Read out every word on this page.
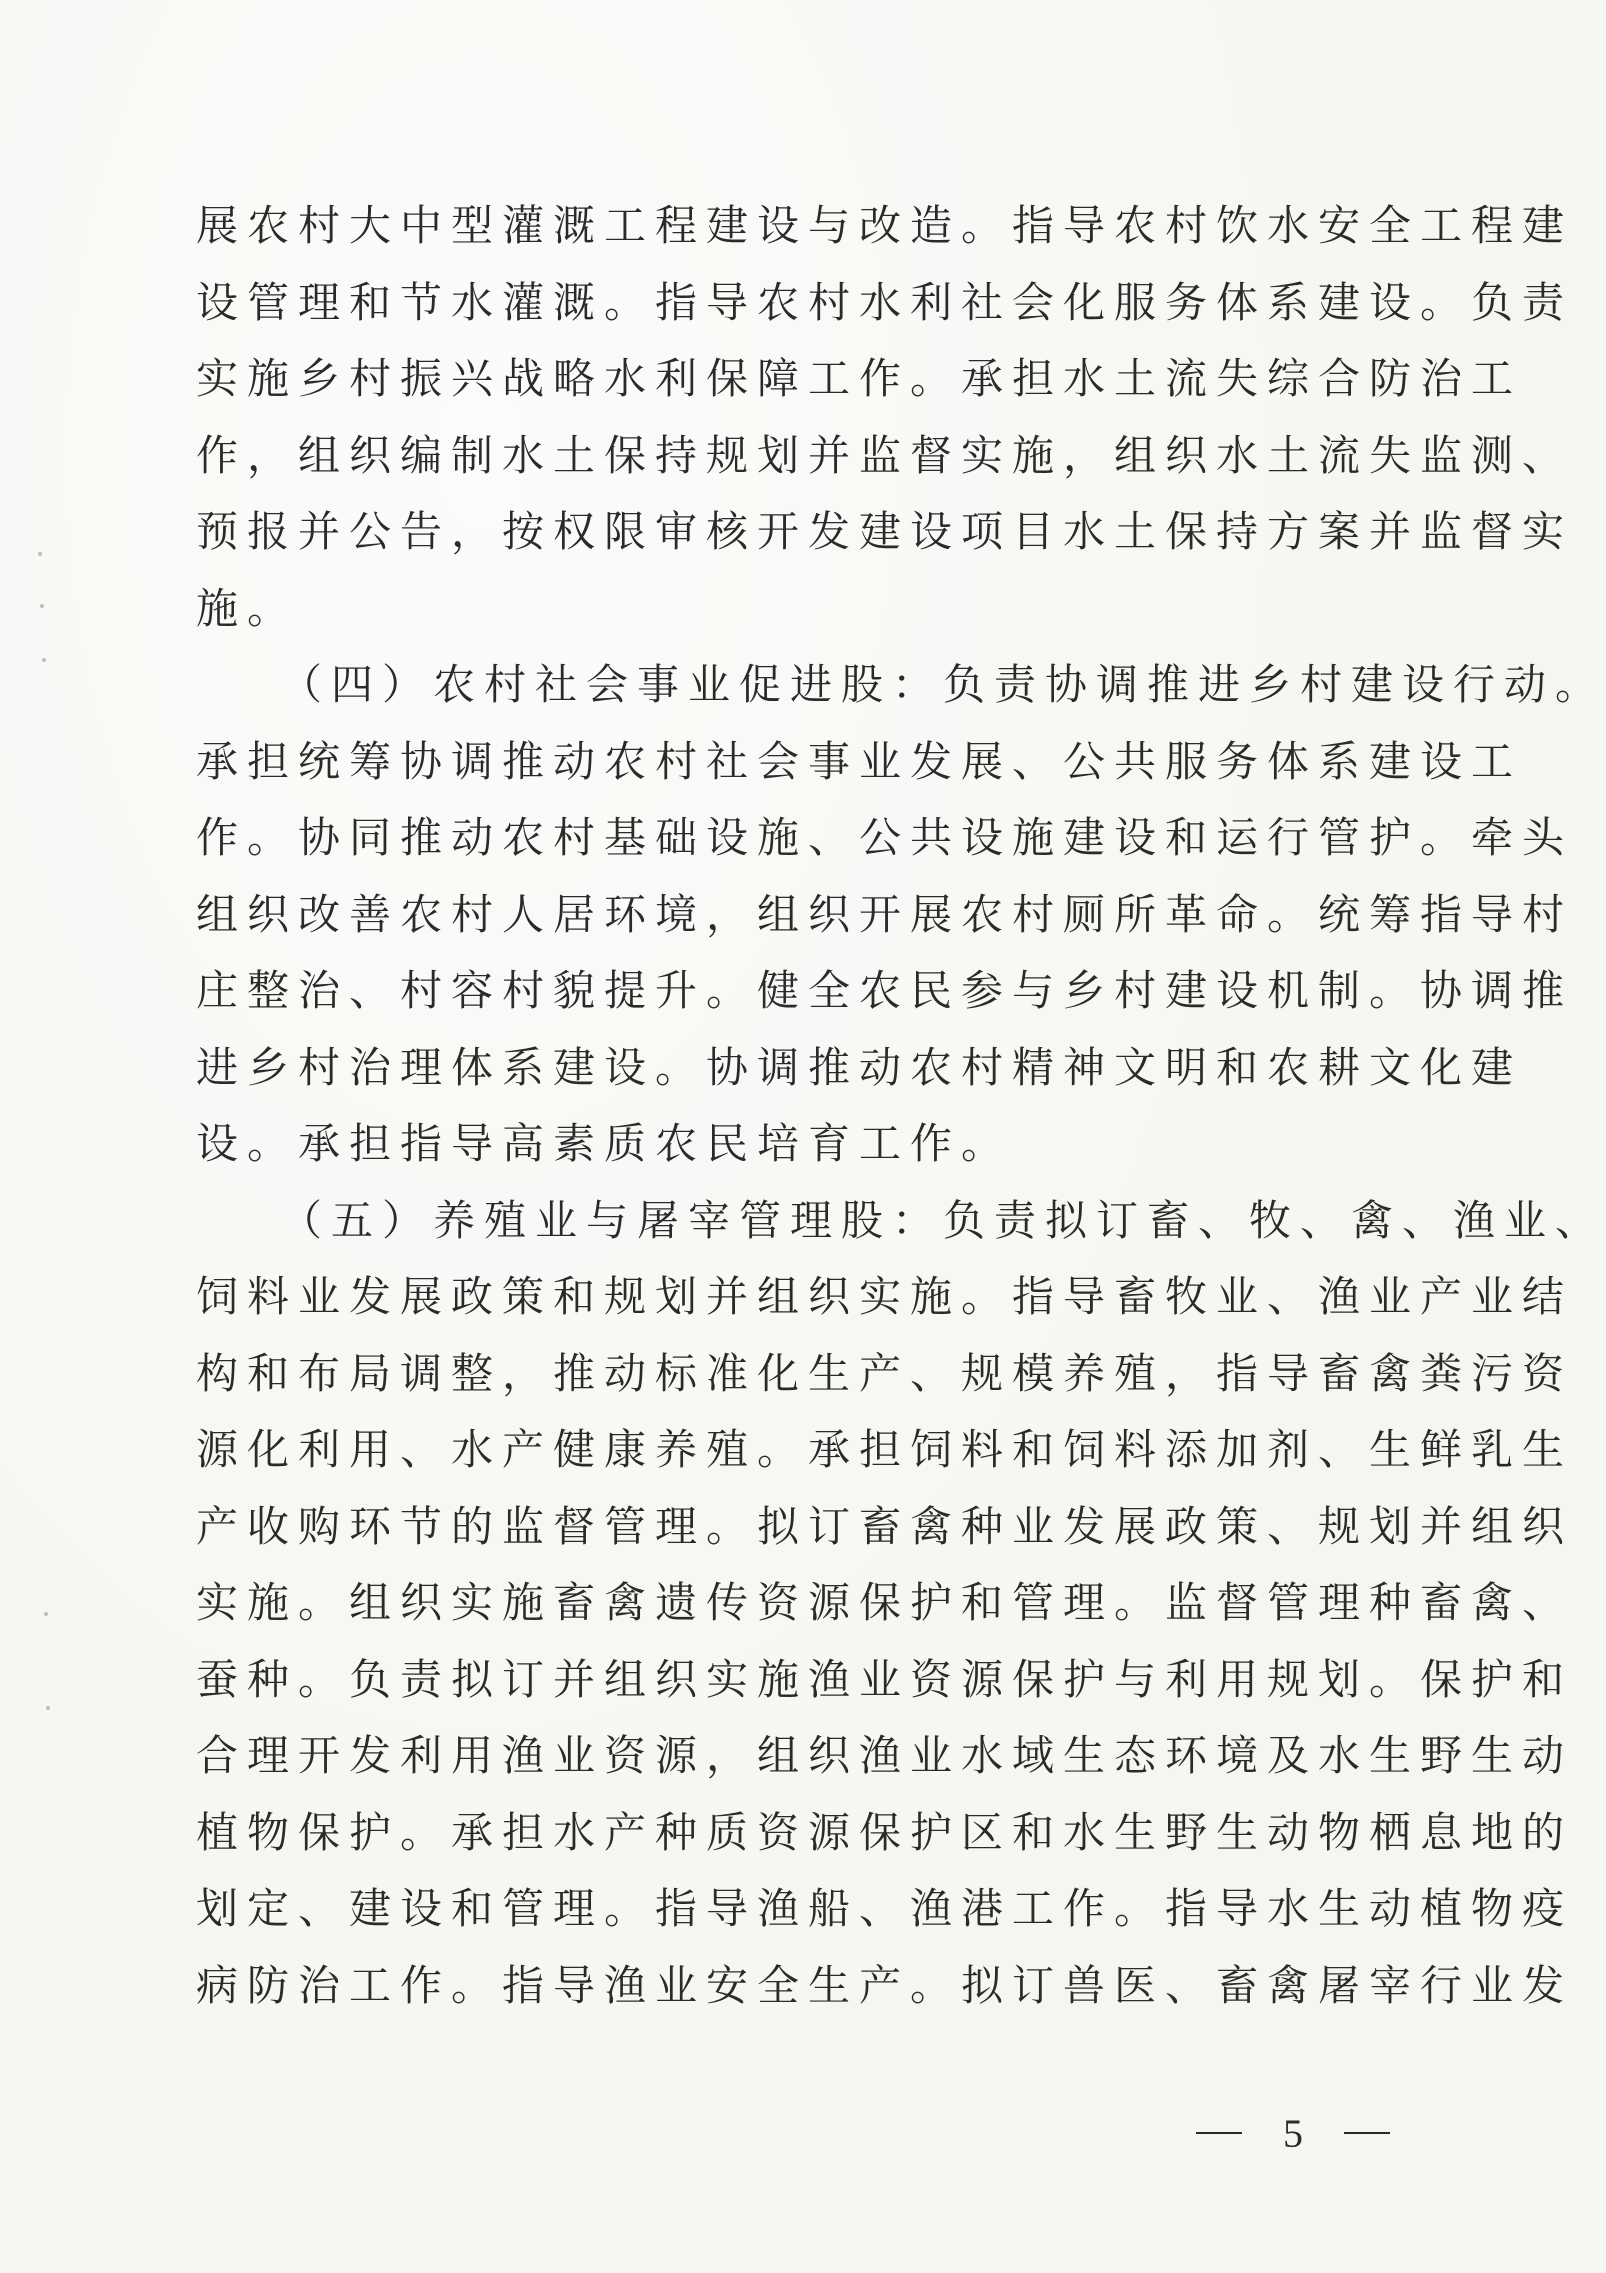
展农村大中型灌溉工程建设与改造。指导农村饮水安全工程建
设管理和节水灌溉。指导农村水利社会化服务体系建设。负责
实施乡村振兴战略水利保障工作。承担水土流失综合防治工
作，组织编制水土保持规划并监督实施，组织水土流失监测、
预报并公告，按权限审核开发建设项目水土保持方案并监督实
施。
（四）农村社会事业促进股：负责协调推进乡村建设行动。
承担统筹协调推动农村社会事业发展、公共服务体系建设工
作。协同推动农村基础设施、公共设施建设和运行管护。牵头
组织改善农村人居环境，组织开展农村厕所革命。统筹指导村
庄整治、村容村貌提升。健全农民参与乡村建设机制。协调推
进乡村治理体系建设。协调推动农村精神文明和农耕文化建
设。承担指导高素质农民培育工作。
（五）养殖业与屠宰管理股：负责拟订畜、牧、禽、渔业、
饲料业发展政策和规划并组织实施。指导畜牧业、渔业产业结
构和布局调整，推动标准化生产、规模养殖，指导畜禽粪污资
源化利用、水产健康养殖。承担饲料和饲料添加剂、生鲜乳生
产收购环节的监督管理。拟订畜禽种业发展政策、规划并组织
实施。组织实施畜禽遗传资源保护和管理。监督管理种畜禽、
蚕种。负责拟订并组织实施渔业资源保护与利用规划。保护和
合理开发利用渔业资源，组织渔业水域生态环境及水生野生动
植物保护。承担水产种质资源保护区和水生野生动物栖息地的
划定、建设和管理。指导渔船、渔港工作。指导水生动植物疫
病防治工作。指导渔业安全生产。拟订兽医、畜禽屠宰行业发
5
